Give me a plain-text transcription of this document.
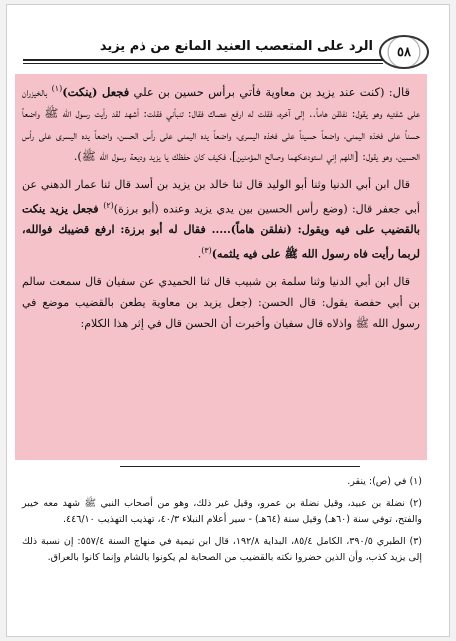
٥٨
الرد على المتعصب العنيد المانع من ذم يزيد

قال: (كنت عند يزيد بن معاوية فأتي برأس حسين بن علي فجعل (ينكت)$^{(١)}$ بالخيزران على شفتيه وهو يقول: نفلقن هاماً.. إلى آخره، فقلت له ارفع عصاك فقال: تنبأني فقلت: أشهد لقد رأيت رسول الله ﷺ واضعاً حسناً على فخذه اليمنى، واضعاً حسيناً على فخذه اليسرى، واضعاً يده اليمنى على رأس الحسن، واضعاً يده اليسرى على رأس الحسين، وهو يقول: [اللهم إني استودعكهما وصالح المؤمنين]، فكيف كان حفظك يا يزيد وديعة رسول الله ﷺ).

قال ابن أبي الدنيا وثنا أبو الوليد قال ثنا خالد بن يزيد بن أسد قال ثنا عمار الدهني عن أبي جعفر قال: (وضع رأس الحسين بين يدي يزيد وعنده (أبو برزة)$^{(٢)}$ فجعل يزيد ينكت بالقضيب على فيه ويقول: (نفلقن هاماً)..... فقال له أبو برزة: ارفع قضيبك فوالله، لربما رأيت فاه رسول الله ﷺ على فيه يلثمه)$^{(٣)}$.

قال ابن أبي الدنيا وثنا سلمة بن شبيب قال ثنا الحميدي عن سفيان قال سمعت سالم بن أبي حفصة يقول: قال الحسن: (جعل يزيد بن معاوية يطعن بالقضيب موضع في رسول الله ﷺ واذلاه قال سفيان وأخبرت أن الحسن قال في إثر هذا الكلام:

(١) في (ص): ينقر.

(٢) نضلة بن عبيد، وقيل نضلة بن عمرو، وقيل غير ذلك، وهو من أصحاب النبي ﷺ شهد معه خيبر والفتح، توفي سنة (٦٠هـ) وقيل سنة (٦٤هـ) - سير أعلام النبلاء ٤٠/٣، تهذيب التهذيب ٤٤٦/١٠.

(٣) الطبري ٣٩٠/٥، الكامل ٨٥/٤، البداية ١٩٢/٨، قال ابن تيمية في منهاج السنة ٥٥٧/٤: إن نسبة ذلك إلى يزيد كذب، وأن الذين حضروا نكته بالقضيب من الصحابة لم يكونوا بالشام وإنما كانوا بالعراق.
